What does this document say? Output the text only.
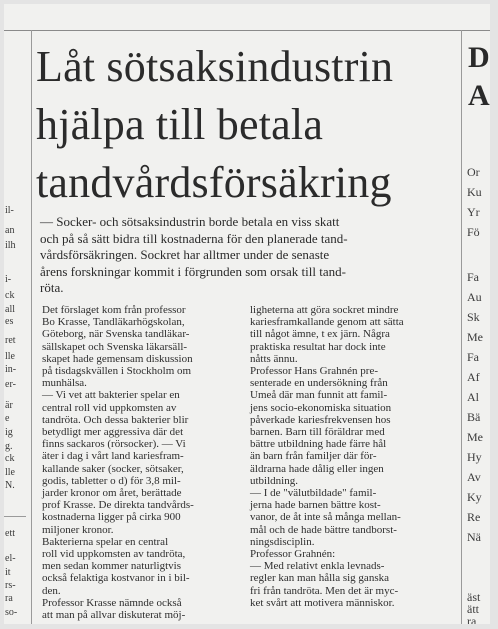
il-
an
ilh
i-
ck
all
es
ret
lle
in-
er-
är
e
ig
g.
ck
lle
N.
ett
el-
it
rs-
ra
so-
D
A
Or
Ku
Yr
Fö
Fa
Au
Sk
Me
Fa
Af
Al
Bä
Me
Hy
Av
Ky
Re
Nä
äst
ätt
ra
Låt sötsaksindustrin
hjälpa till betala
tandvårdsförsäkring
— Socker- och sötsaksindustrin borde betala en viss skatt
och på så sätt bidra till kostnaderna för den planerade tand-
vårdsförsäkringen. Sockret har alltmer under de senaste
årens forskningar kommit i förgrunden som orsak till tand-
röta.
Det förslaget kom från professor
Bo Krasse, Tandläkarhögskolan,
Göteborg, när Svenska tandläkar-
sällskapet och Svenska läkarsäll-
skapet hade gemensam diskussion
på tisdagskvällen i Stockholm om
munhälsa.
— Vi vet att bakterier spelar en
central roll vid uppkomsten av
tandröta. Och dessa bakterier blir
betydligt mer aggressiva där det
finns sackaros (rörsocker). — Vi
äter i dag i vårt land kariesfram-
kallande saker (socker, sötsaker,
godis, tabletter o d) för 3,8 mil-
jarder kronor om året, berättade
prof Krasse. De direkta tandvårds-
kostnaderna ligger på cirka 900
miljoner kronor.
Bakterierna spelar en central
roll vid uppkomsten av tandröta,
men sedan kommer naturligtvis
också felaktiga kostvanor in i bil-
den.
Professor Krasse nämnde också
att man på allvar diskuterat möj-
ligheterna att göra sockret mindre
kariesframkallande genom att sätta
till något ämne, t ex järn. Några
praktiska resultat har dock inte
nåtts ännu.
Professor Hans Grahnén pre-
senterade en undersökning från
Umeå där man funnit att famil-
jens socio-ekonomiska situation
påverkade kariesfrekvensen hos
barnen. Barn till föräldrar med
bättre utbildning hade färre hål
än barn från familjer där för-
äldrarna hade dålig eller ingen
utbildning.
— I de "välutbildade" famil-
jerna hade barnen bättre kost-
vanor, de åt inte så många mellan-
mål och de hade bättre tandborst-
ningsdisciplin.
Professor Grahnén:
— Med relativt enkla levnads-
regler kan man hålla sig ganska
fri från tandröta. Men det är myc-
ket svårt att motivera människor.
